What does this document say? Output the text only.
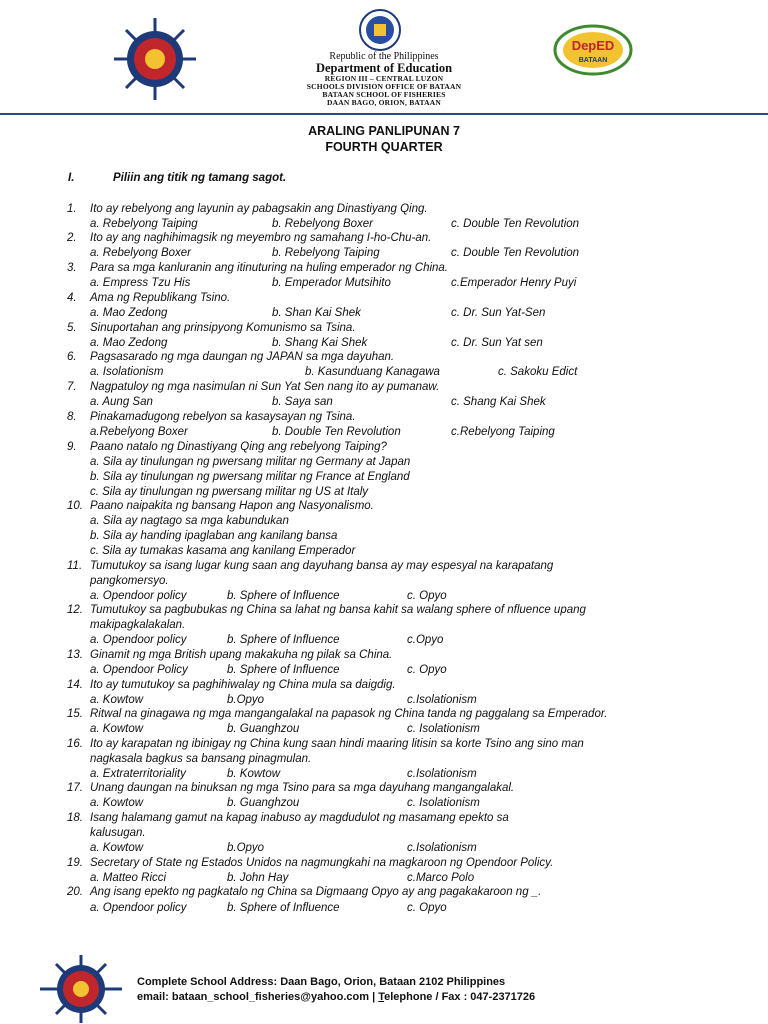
DepED
BATAAN
Republic of the Philippines
Department of Education
REGION III – CENTRAL LUZON
SCHOOLS DIVISION OFFICE OF BATAAN
BATAAN SCHOOL OF FISHERIES
DAAN BAGO, ORION, BATAAN
ARALING PANLIPUNAN 7
FOURTH QUARTER
I.	Piliin ang titik ng tamang sagot.
1. Ito ay rebelyong ang layunin ay pabagsakin ang Dinastiyang Qing.
a. Rebelyong Taiping	b. Rebelyong Boxer	c. Double Ten Revolution
2. Ito ay ang naghihimagsik ng meyembro ng samahang I-ho-Chu-an.
a. Rebelyong Boxer	b. Rebelyong Taiping	c. Double Ten Revolution
3. Para sa mga kanluranin ang itinuturing na huling emperador ng China.
a. Empress Tzu His	b. Emperador Mutsihito	c.Emperador Henry Puyi
4. Ama ng Republikang Tsino.
a. Mao Zedong	b. Shan Kai Shek	c. Dr. Sun Yat-Sen
5. Sinuportahan ang prinsipyong Komunismo sa Tsina.
a. Mao Zedong	b. Shang Kai Shek	c. Dr. Sun Yat sen
6. Pagsasarado ng mga daungan ng JAPAN sa mga dayuhan.
a. Isolationism	b. Kasunduang Kanagawa	c. Sakoku Edict
7. Nagpatuloy ng mga nasimulan ni Sun Yat Sen nang ito ay pumanaw.
a. Aung San	b. Saya san	c. Shang Kai Shek
8. Pinakamadugong rebelyon sa kasaysayan ng Tsina.
a.Rebelyong Boxer	b. Double Ten Revolution	c.Rebelyong Taiping
9. Paano natalo ng Dinastiyang Qing ang rebelyong Taiping?
a. Sila ay tinulungan ng pwersang militar ng Germany at Japan
b. Sila ay tinulungan ng pwersang militar ng France at England
c. Sila ay tinulungan ng pwersang militar ng US at Italy
10. Paano naipakita ng bansang Hapon ang Nasyonalismo.
a. Sila ay nagtago sa mga kabundukan
b. Sila ay handing ipaglaban ang kanilang bansa
c. Sila ay tumakas kasama ang kanilang Emperador
11. Tumutukoy sa isang lugar kung saan ang dayuhang bansa ay may espesyal na karapatang
pangkomersyo.
a. Opendoor policy	b. Sphere of Influence	c. Opyo
12. Tumutukoy sa pagbubukas ng China sa lahat ng bansa kahit sa walang sphere of nfluence upang
makipagkalakalan.
a. Opendoor policy	b. Sphere of Influence	c.Opyo
13. Ginamit ng mga British upang makakuha ng pilak sa China.
a. Opendoor Policy	b. Sphere of Influence	c. Opyo
14. Ito ay tumutukoy sa paghihiwalay ng China mula sa daigdig.
a. Kowtow	b.Opyo	c.Isolationism
15. Ritwal na ginagawa ng mga mangangalakal na papasok ng China tanda ng paggalang sa Emperador.
a. Kowtow	b. Guanghzou	c. Isolationism
16. Ito ay karapatan ng ibinigay ng China kung saan hindi maaring litisin sa korte Tsino ang sino man
nagkasala bagkus sa bansang pinagmulan.
a. Extraterritoriality	b. Kowtow	c.Isolationism
17. Unang daungan na binuksan ng mga Tsino para sa mga dayuhang mangangalakal.
a. Kowtow	b. Guanghzou	c. Isolationism
18. Isang halamang gamut na kapag inabuso ay magdudulot ng masamang epekto sa
kalusugan.
a. Kowtow	b.Opyo	c.Isolationism
19. Secretary of State ng Estados Unidos na nagmungkahi na magkaroon ng Opendoor Policy.
a. Matteo Ricci	b. John Hay	c.Marco Polo
20. Ang isang epekto ng pagkatalo ng China sa Digmaang Opyo ay ang pagakakaroon ng _.
a. Opendoor policy	b. Sphere of Influence	c. Opyo
Complete School Address: Daan Bago, Orion, Bataan 2102 Philippines
email: bataan_school_fisheries@yahoo.com | Telephone / Fax : 047-2371726
